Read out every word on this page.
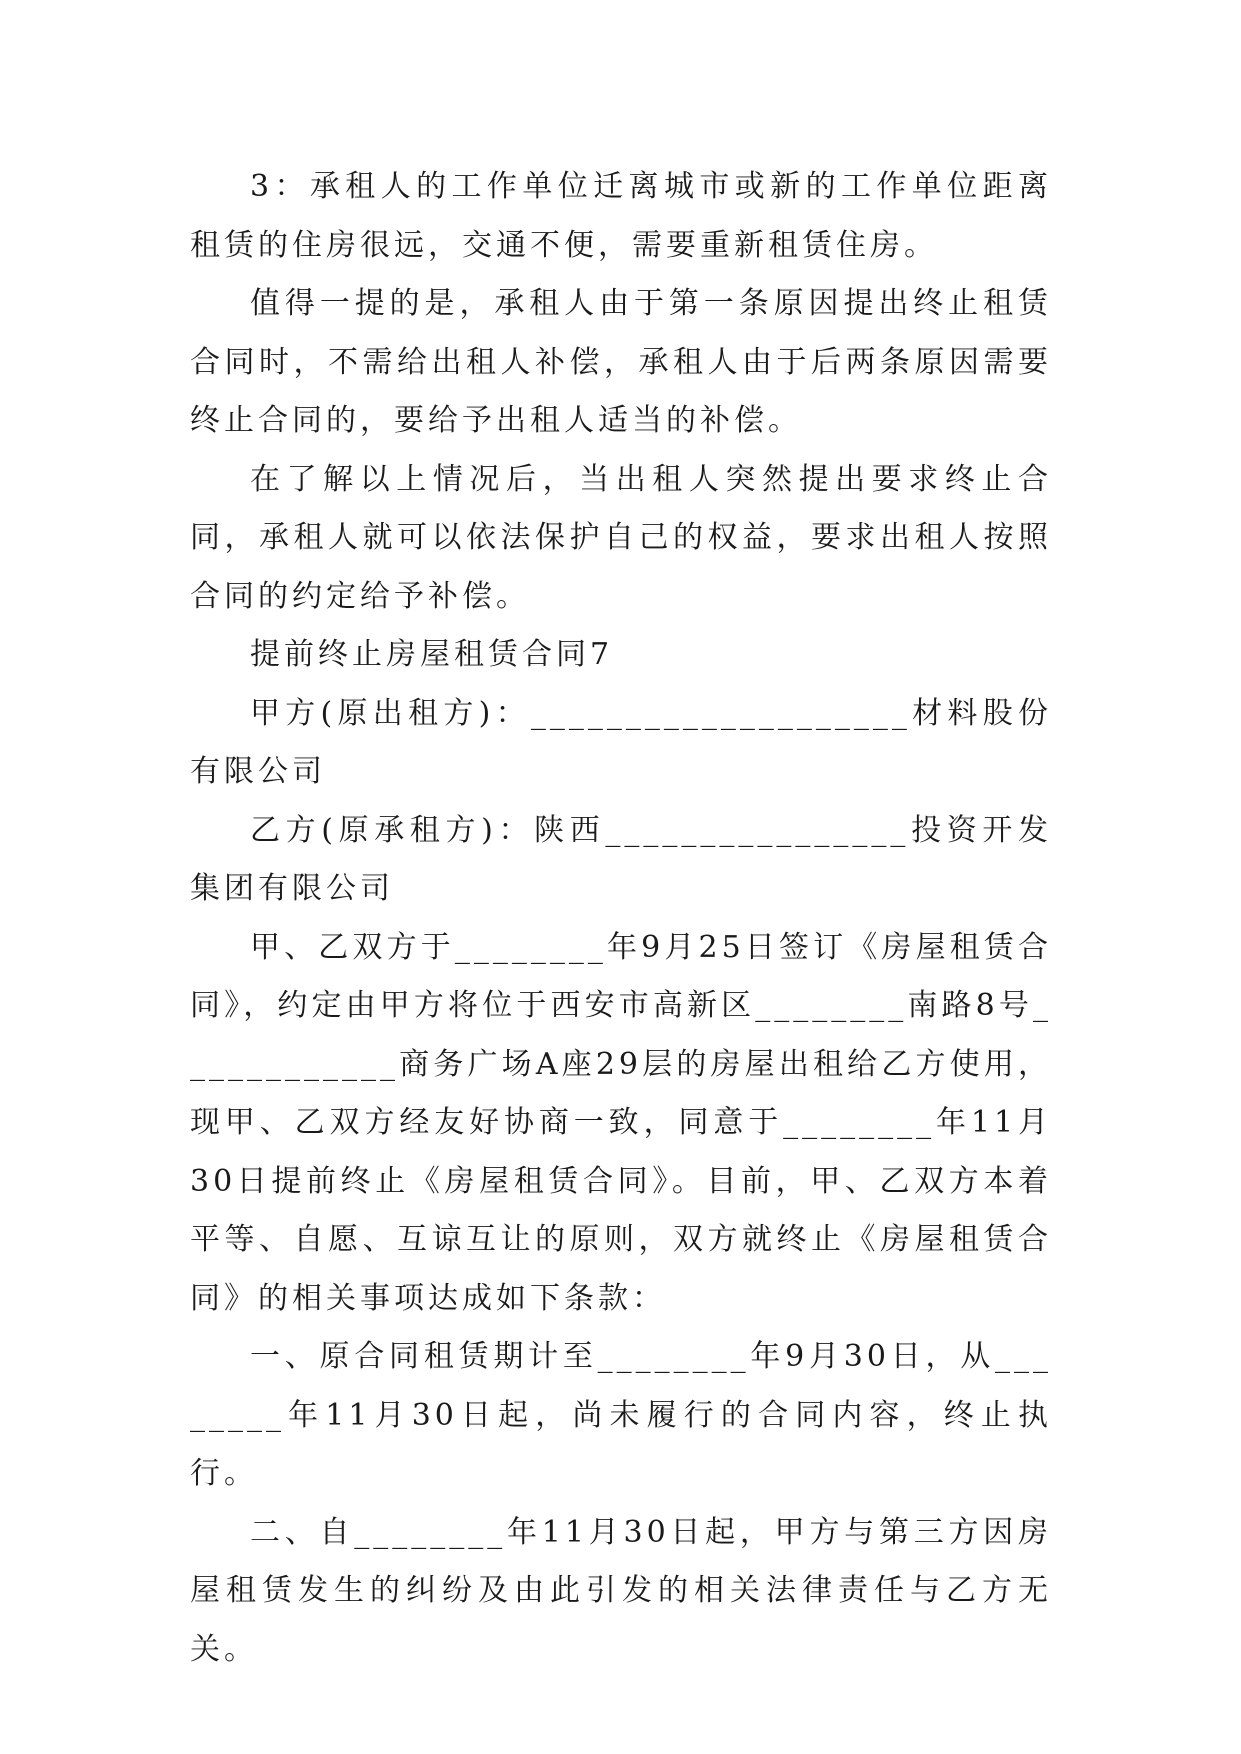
3：承租人的工作单位迁离城市或新的工作单位距离租赁的住房很远，交通不便，需要重新租赁住房。

值得一提的是，承租人由于第一条原因提出终止租赁合同时，不需给出租人补偿，承租人由于后两条原因需要终止合同的，要给予出租人适当的补偿。

在了解以上情况后，当出租人突然提出要求终止合同，承租人就可以依法保护自己的权益，要求出租人按照合同的约定给予补偿。

提前终止房屋租赁合同7

甲方(原出租方)：____________________材料股份有限公司

乙方(原承租方)：陕西________________投资开发集团有限公司

甲、乙双方于________年9月25日签订《房屋租赁合同》，约定由甲方将位于西安市高新区________南路8号____________商务广场A座29层的房屋出租给乙方使用，现甲、乙双方经友好协商一致，同意于________年11月30日提前终止《房屋租赁合同》。目前，甲、乙双方本着平等、自愿、互谅互让的原则，双方就终止《房屋租赁合同》的相关事项达成如下条款：

一、原合同租赁期计至________年9月30日，从________年11月30日起，尚未履行的合同内容，终止执行。

二、自________年11月30日起，甲方与第三方因房屋租赁发生的纠纷及由此引发的相关法律责任与乙方无关。
